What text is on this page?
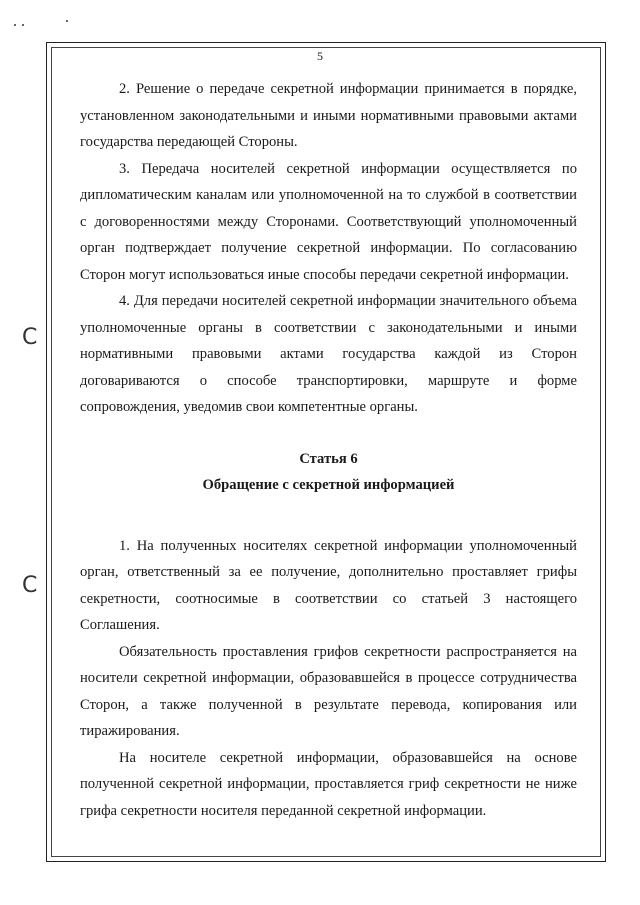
5
C
C

2. Решение о передаче секретной информации принимается в порядке, установленном законодательными и иными нормативными правовыми актами государства передающей Стороны.

3. Передача носителей секретной информации осуществляется по дипломатическим каналам или уполномоченной на то службой в соответствии с договоренностями между Сторонами. Соответствующий уполномоченный орган подтверждает получение секретной информации. По согласованию Сторон могут использоваться иные способы передачи секретной информации.

4. Для передачи носителей секретной информации значительного объема уполномоченные органы в соответствии с законодательными и иными нормативными правовыми актами государства каждой из Сторон договариваются о способе транспортировки, маршруте и форме сопровождения, уведомив свои компетентные органы.

Статья 6
Обращение с секретной информацией

1. На полученных носителях секретной информации уполномоченный орган, ответственный за ее получение, дополнительно проставляет грифы секретности, соотносимые в соответствии со статьей 3 настоящего Соглашения.

Обязательность проставления грифов секретности распространяется на носители секретной информации, образовавшейся в процессе сотрудничества Сторон, а также полученной в результате перевода, копирования или тиражирования.

На носителе секретной информации, образовавшейся на основе полученной секретной информации, проставляется гриф секретности не ниже грифа секретности носителя переданной секретной информации.
